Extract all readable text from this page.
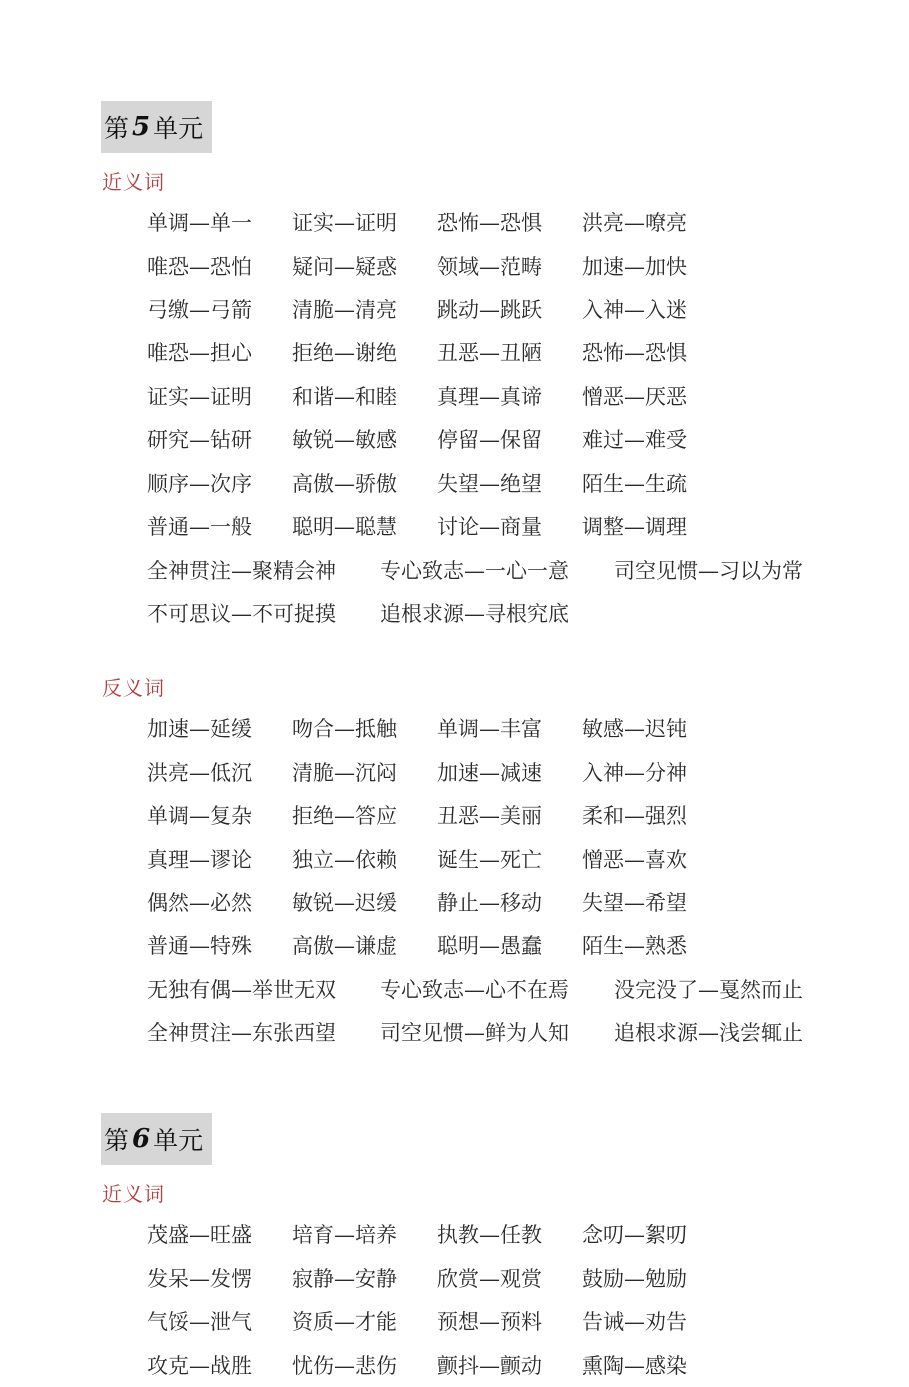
第 5 单元
近义词
单调—单一 证实—证明 恐怖—恐惧 洪亮—嘹亮
唯恐—恐怕 疑问—疑惑 领域—范畴 加速—加快
弓缴—弓箭 清脆—清亮 跳动—跳跃 入神—入迷
唯恐—担心 拒绝—谢绝 丑恶—丑陋 恐怖—恐惧
证实—证明 和谐—和睦 真理—真谛 憎恶—厌恶
研究—钻研 敏锐—敏感 停留—保留 难过—难受
顺序—次序 高傲—骄傲 失望—绝望 陌生—生疏
普通—一般 聪明—聪慧 讨论—商量 调整—调理
全神贯注—聚精会神 专心致志—一心一意 司空见惯—习以为常
不可思议—不可捉摸 追根求源—寻根究底
反义词
加速—延缓 吻合—抵触 单调—丰富 敏感—迟钝
洪亮—低沉 清脆—沉闷 加速—减速 入神—分神
单调—复杂 拒绝—答应 丑恶—美丽 柔和—强烈
真理—谬论 独立—依赖 诞生—死亡 憎恶—喜欢
偶然—必然 敏锐—迟缓 静止—移动 失望—希望
普通—特殊 高傲—谦虚 聪明—愚蠢 陌生—熟悉
无独有偶—举世无双 专心致志—心不在焉 没完没了—戛然而止
全神贯注—东张西望 司空见惯—鲜为人知 追根求源—浅尝辄止
第 6 单元
近义词
茂盛—旺盛 培育—培养 执教—任教 念叨—絮叨
发呆—发愣 寂静—安静 欣赏—观赏 鼓励—勉励
气馁—泄气 资质—才能 预想—预料 告诫—劝告
攻克—战胜 忧伤—悲伤 颤抖—颤动 熏陶—感染
